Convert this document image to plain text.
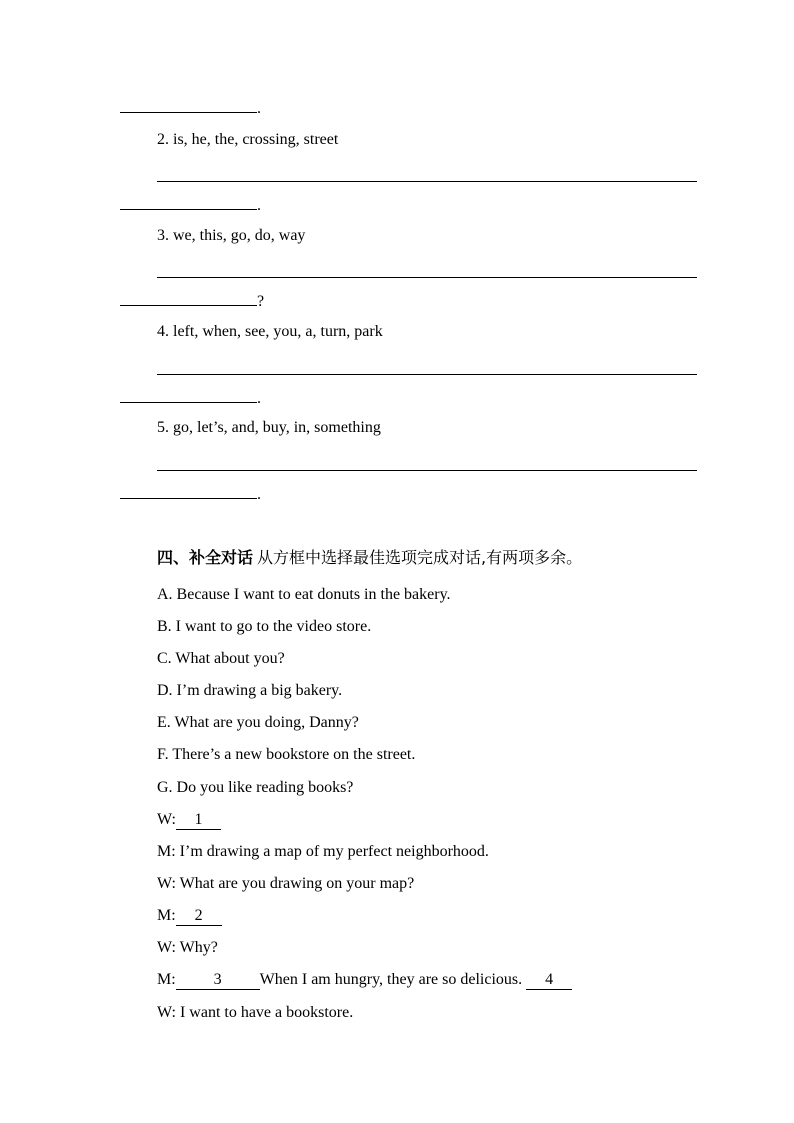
.
2. is, he, the, crossing, street
.
3. we, this, go, do, way
?
4. left, when, see, you, a, turn, park
.
5. go, let’s, and, buy, in, something
.
四、补全对话 从方框中选择最佳选项完成对话,有两项多余。
A. Because I want to eat donuts in the bakery.
B. I want to go to the video store.
C. What about you?
D. I’m drawing a big bakery.
E. What are you doing, Danny?
F. There’s a new bookstore on the street.
G. Do you like reading books?
W: 1
M: I’m drawing a map of my perfect neighborhood.
W: What are you drawing on your map?
M: 2
W: Why?
M: 3 When I am hungry, they are so delicious. 4
W: I want to have a bookstore.
